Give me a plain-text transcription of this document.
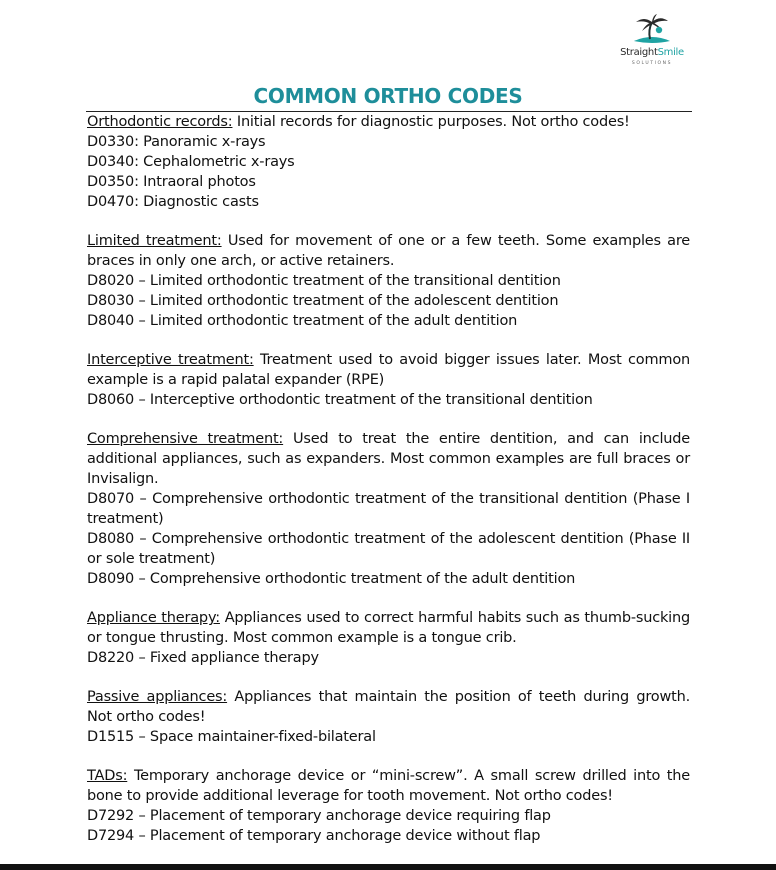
StraightSmile
SOLUTIONS
COMMON ORTHO CODES

Orthodontic records: Initial records for diagnostic purposes. Not ortho codes!

D0330: Panoramic x-rays

D0340: Cephalometric x-rays

D0350: Intraoral photos

D0470: Diagnostic casts

Limited treatment: Used for movement of one or a few teeth. Some examples are braces in only one arch, or active retainers.

D8020 – Limited orthodontic treatment of the transitional dentition

D8030 – Limited orthodontic treatment of the adolescent dentition

D8040 – Limited orthodontic treatment of the adult dentition

Interceptive treatment: Treatment used to avoid bigger issues later. Most common example is a rapid palatal expander (RPE)

D8060 – Interceptive orthodontic treatment of the transitional dentition

Comprehensive treatment: Used to treat the entire dentition, and can include additional appliances, such as expanders. Most common examples are full braces or Invisalign.

D8070 – Comprehensive orthodontic treatment of the transitional dentition (Phase I treatment)

D8080 – Comprehensive orthodontic treatment of the adolescent dentition (Phase II or sole treatment)

D8090 – Comprehensive orthodontic treatment of the adult dentition

Appliance therapy: Appliances used to correct harmful habits such as thumb-sucking or tongue thrusting. Most common example is a tongue crib.

D8220 – Fixed appliance therapy

Passive appliances: Appliances that maintain the position of teeth during growth. Not ortho codes!

D1515 – Space maintainer-fixed-bilateral

TADs: Temporary anchorage device or “mini-screw”. A small screw drilled into the bone to provide additional leverage for tooth movement. Not ortho codes!

D7292 – Placement of temporary anchorage device requiring flap

D7294 – Placement of temporary anchorage device without flap
